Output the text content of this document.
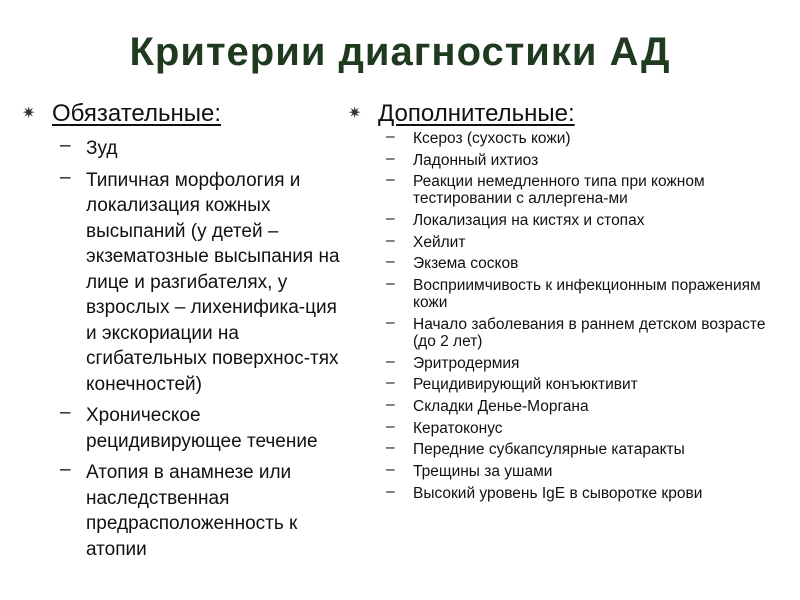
Критерии диагностики АД
✷ Обязательные:
– Зуд
– Типичная морфология и локализация кожных высыпаний (у детей – экзематозные высыпания на лице и разгибателях, у взрослых – лихенифика-ция и экскориации на сгибательных поверхнос-тях конечностей)
– Хроническое рецидивирующее течение
– Атопия в анамнезе или наследственная предрасположенность к атопии
✷ Дополнительные:
– Ксероз (сухость кожи)
– Ладонный ихтиоз
– Реакции немедленного типа при кожном тестировании с аллергена-ми
– Локализация на кистях и стопах
– Хейлит
– Экзема сосков
– Восприимчивость к инфекционным поражениям кожи
– Начало заболевания в раннем детском возрасте (до 2 лет)
– Эритродермия
– Рецидивирующий конъюктивит
– Складки Денье-Моргана
– Кератоконус
– Передние субкапсулярные катаракты
– Трещины за ушами
– Высокий уровень IgE в сыворотке крови
